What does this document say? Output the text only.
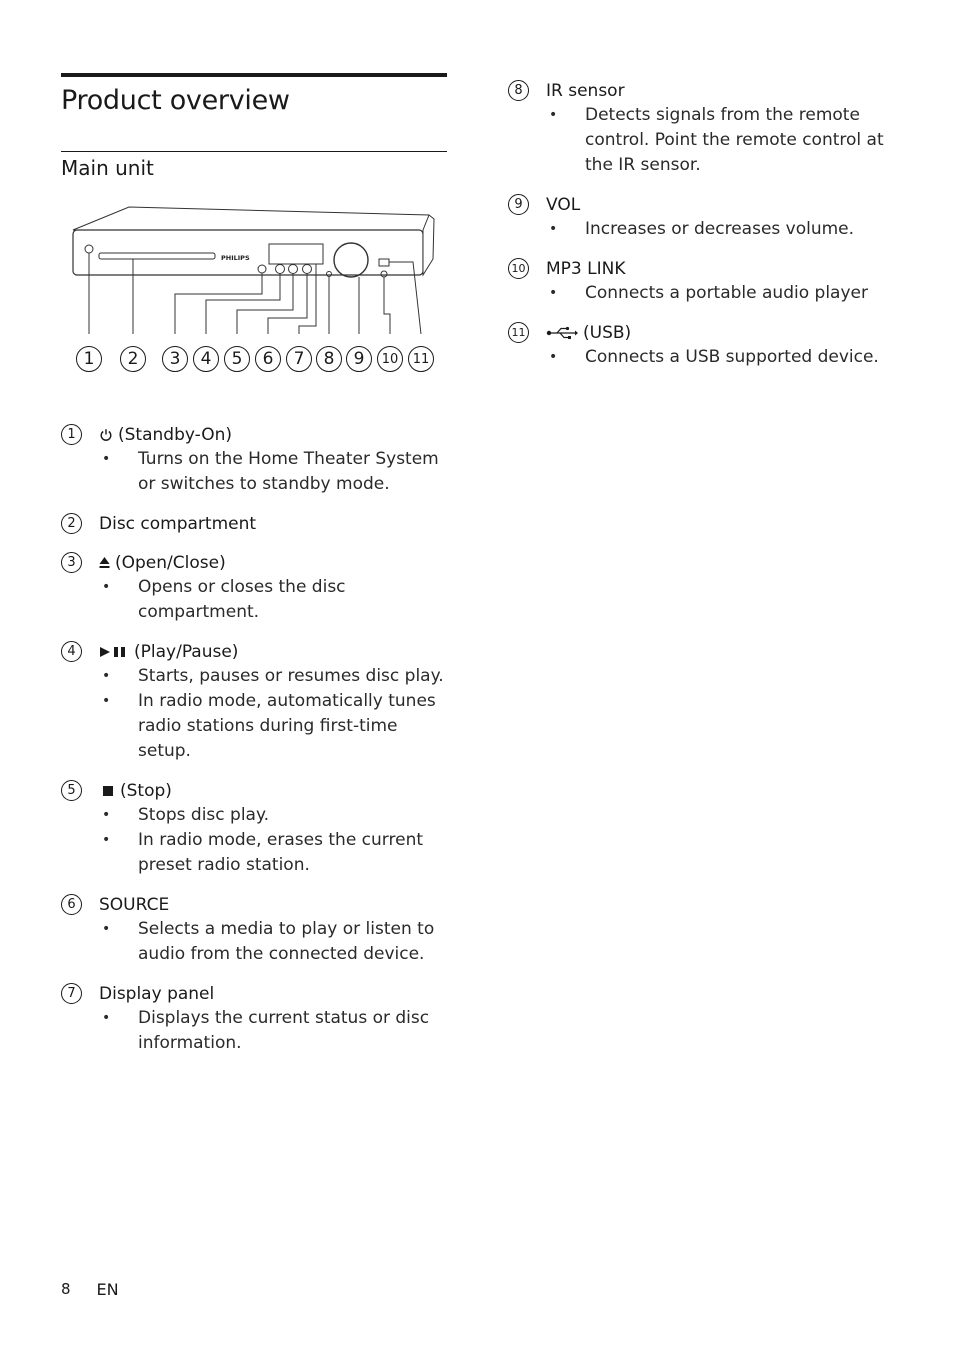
Product overview
Main unit
PHILIPS
1	2	3	4	5	6	7	8	9	10	11
1	(Standby-On)
• Turns on the Home Theater System or switches to standby mode.
2	Disc compartment
3	(Open/Close)
• Opens or closes the disc compartment.
4	(Play/Pause)
• Starts, pauses or resumes disc play.
• In radio mode, automatically tunes radio stations during first-time setup.
5	(Stop)
• Stops disc play.
• In radio mode, erases the current preset radio station.
6	SOURCE
• Selects a media to play or listen to audio from the connected device.
7	Display panel
• Displays the current status or disc information.
8	IR sensor
• Detects signals from the remote control. Point the remote control at the IR sensor.
9	VOL
• Increases or decreases volume.
10 MP3 LINK
• Connects a portable audio player
11	(USB)
• Connects a USB supported device.
8 EN
